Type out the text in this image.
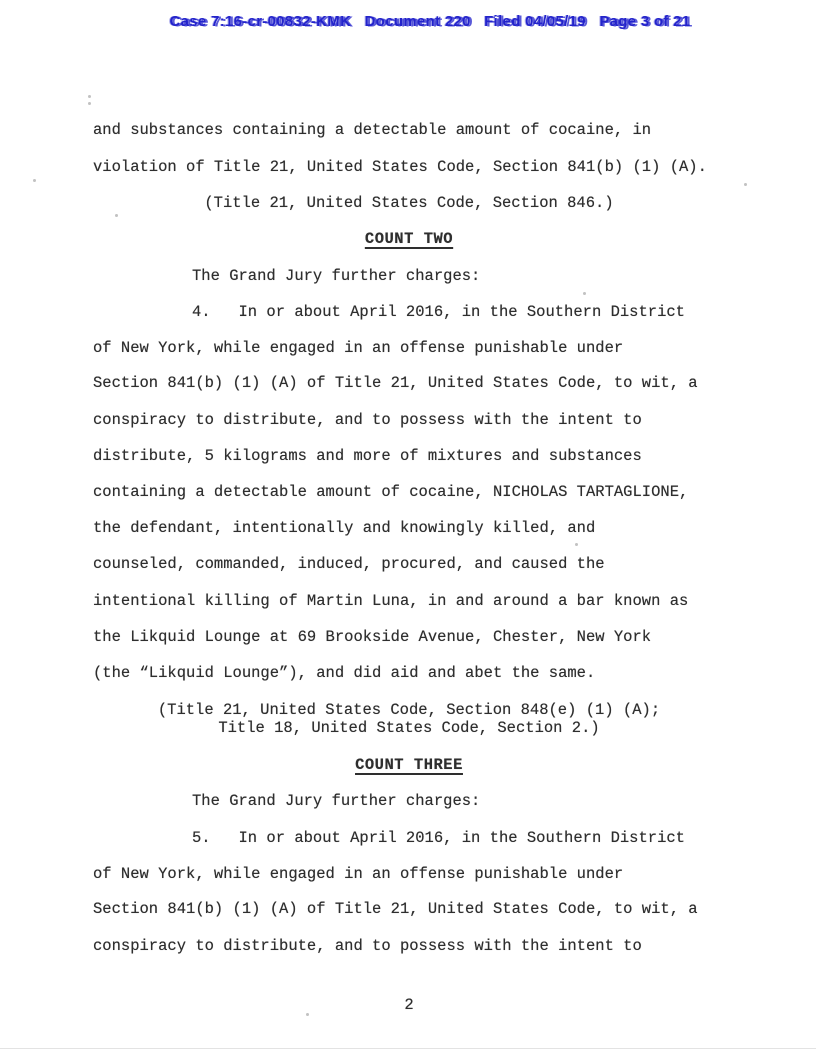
Case 7:16-cr-00832-KMK   Document 220   Filed 04/05/19   Page 3 of 21
and substances containing a detectable amount of cocaine, in
violation of Title 21, United States Code, Section 841(b) (1) (A).
(Title 21, United States Code, Section 846.)
COUNT TWO
The Grand Jury further charges:
4.   In or about April 2016, in the Southern District
of New York, while engaged in an offense punishable under
Section 841(b) (1) (A) of Title 21, United States Code, to wit, a
conspiracy to distribute, and to possess with the intent to
distribute, 5 kilograms and more of mixtures and substances
containing a detectable amount of cocaine, NICHOLAS TARTAGLIONE,
the defendant, intentionally and knowingly killed, and
counseled, commanded, induced, procured, and caused the
intentional killing of Martin Luna, in and around a bar known as
the Likquid Lounge at 69 Brookside Avenue, Chester, New York
(the “Likquid Lounge”), and did aid and abet the same.
(Title 21, United States Code, Section 848(e) (1) (A);
Title 18, United States Code, Section 2.)
COUNT THREE
The Grand Jury further charges:
5.   In or about April 2016, in the Southern District
of New York, while engaged in an offense punishable under
Section 841(b) (1) (A) of Title 21, United States Code, to wit, a
conspiracy to distribute, and to possess with the intent to
2
